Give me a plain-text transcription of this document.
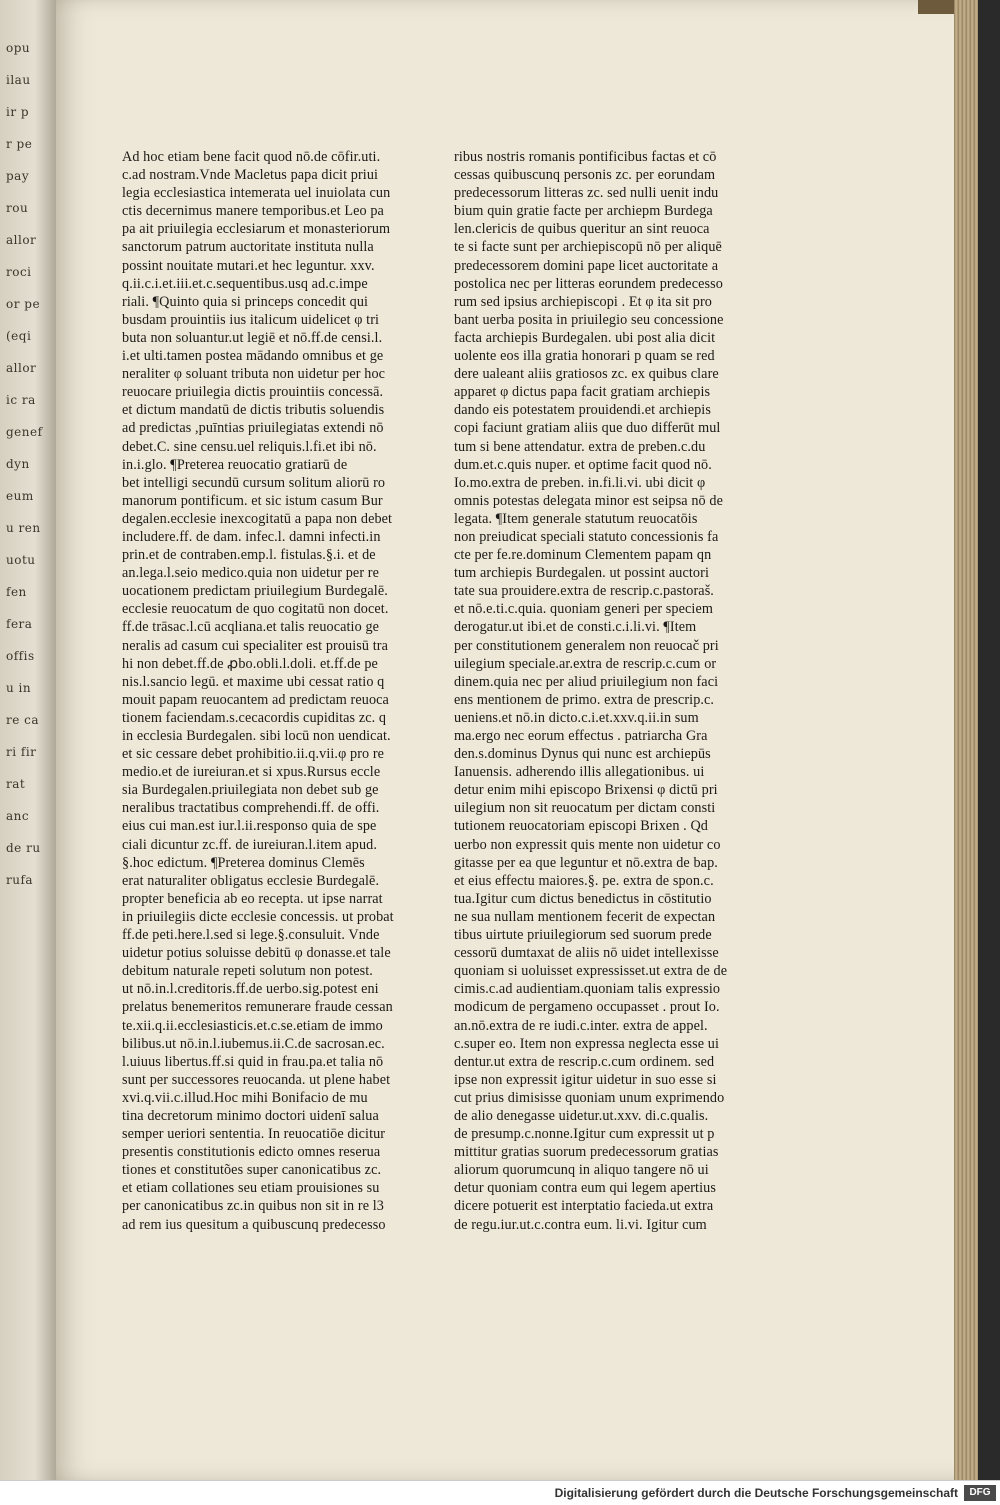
opu
ilau
ir p
r pe
pay
rou
allor
roci
or pe
(eqi
allor
ic ra
genef
dyn
eum
u ren
uotu
fen
fera
offis
u in
re ca
ri fir
rat
anc
de ru
rufa
Ad hoc etiam bene facit quod nō.de cōfir.uti.
c.ad nostram.Vnde Macletus papa dicit priui
legia ecclesiastica intemerata uel inuiolata cun
ctis decernimus manere temporibus.et Leo pa
pa ait priuilegia ecclesiarum et monasteriorum
sanctorum patrum auctoritate instituta nulla
possint nouitate mutari.et hec leguntur. xxv.
q.ii.c.i.et.iii.et.c.sequentibus.usq ad.c.impe
riali. ¶Quinto quia si princeps concedit qui
busdam prouintiis ius italicum uidelicet φ tri
buta non soluantur.ut legiē et nō.ff.de censi.l.
i.et ulti.tamen postea mādando omnibus et ge
neraliter φ soluant tributa non uidetur per hoc
reuocare priuilegia dictis prouintiis concessā.
et dictum mandatū de dictis tributis soluendis
ad predictas ,puīntias priuilegiatas extendi nō
debet.C. sine censu.uel reliquis.l.fi.et ibi nō.
in.i.glo. ¶Preterea reuocatio gratiarū de
bet intelligi secundū cursum solitum aliorū ro
manorum pontificum. et sic istum casum Bur
degalen.ecclesie inexcogitatū a papa non debet
includere.ff. de dam. infec.l. damni infecti.in
prin.et de contraben.emp.l. fistulas.§.i. et de
an.lega.l.seio medico.quia non uidetur per re
uocationem predictam priuilegium Burdegalē.
ecclesie reuocatum de quo cogitatū non docet.
ff.de trāsac.l.cū acqliana.et talis reuocatio ge
neralis ad casum cui specialiter est prouisū tra
hi non debet.ff.de ꝓbo.obli.l.doli. et.ff.de pe
nis.l.sancio legū. et maxime ubi cessat ratio q
mouit papam reuocantem ad predictam reuoca
tionem faciendam.s.cecacordis cupiditas zc. q
in ecclesia Burdegalen. sibi locū non uendicat.
et sic cessare debet prohibitio.ii.q.vii.φ pro re
medio.et de iureiuran.et si xpus.Rursus eccle
sia Burdegalen.priuilegiata non debet sub ge
neralibus tractatibus comprehendi.ff. de offi.
eius cui man.est iur.l.ii.responso quia de spe
ciali dicuntur zc.ff. de iureiuran.l.item apud.
§.hoc edictum. ¶Preterea dominus Clemēs
erat naturaliter obligatus ecclesie Burdegalē.
propter beneficia ab eo recepta. ut ipse narrat
in priuilegiis dicte ecclesie concessis. ut probat
ff.de peti.here.l.sed si lege.§.consuluit. Vnde
uidetur potius soluisse debitū φ donasse.et tale
debitum naturale repeti solutum non potest.
ut nō.in.l.creditoris.ff.de uerbo.sig.potest eni
prelatus benemeritos remunerare fraude cessan
te.xii.q.ii.ecclesiasticis.et.c.se.etiam de immo
bilibus.ut nō.in.l.iubemus.ii.C.de sacrosan.ec.
l.uiuus libertus.ff.si quid in frau.pa.et talia nō
sunt per successores reuocanda. ut plene habet
xvi.q.vii.c.illud.Hoc mihi Bonifacio de mu
tina decretorum minimo doctori uidenī salua
semper ueriori sententia. In reuocatiōe dicitur
presentis constitutionis edicto omnes reserua
tiones et constitutões super canonicatibus zc.
et etiam collationes seu etiam prouisiones su
per canonicatibus zc.in quibus non sit in re l3
ad rem ius quesitum a quibuscunq predecesso
ribus nostris romanis pontificibus factas et cō
cessas quibuscunq personis zc. per eorundam
predecessorum litteras zc. sed nulli uenit indu
bium quin gratie facte per archiepm Burdega
len.clericis de quibus queritur an sint reuoca
te si facte sunt per archiepiscopū nō per aliquē
predecessorem domini pape licet auctoritate a
postolica nec per litteras eorundem predecesso
rum sed ipsius archiepiscopi . Et φ ita sit pro
bant uerba posita in priuilegio seu concessione
facta archiepis Burdegalen. ubi post alia dicit
uolente eos illa gratia honorari p quam se red
dere ualeant aliis gratiosos zc. ex quibus clare
apparet φ dictus papa facit gratiam archiepis
dando eis potestatem prouidendi.et archiepis
copi faciunt gratiam aliis que duo differūt mul
tum si bene attendatur. extra de preben.c.du
dum.et.c.quis nuper. et optime facit quod nō.
Io.mo.extra de preben. in.fi.li.vi. ubi dicit φ
omnis potestas delegata minor est seipsa nō de
legata. ¶Item generale statutum reuocatōis
non preiudicat speciali statuto concessionis fa
cte per fe.re.dominum Clementem papam qn
tum archiepis Burdegalen. ut possint auctori
tate sua prouidere.extra de rescrip.c.pastoraš.
et nō.e.ti.c.quia. quoniam generi per speciem
derogatur.ut ibi.et de consti.c.i.li.vi. ¶Item
per constitutionem generalem non reuocač pri
uilegium speciale.ar.extra de rescrip.c.cum or
dinem.quia nec per aliud priuilegium non faci
ens mentionem de primo. extra de prescrip.c.
ueniens.et nō.in dicto.c.i.et.xxv.q.ii.in sum
ma.ergo nec eorum effectus . patriarcha Gra
den.s.dominus Dynus qui nunc est archiepūs
Ianuensis. adherendo illis allegationibus. ui
detur enim mihi episcopo Brixensi φ dictū pri
uilegium non sit reuocatum per dictam consti
tutionem reuocatoriam episcopi Brixen . Qd
uerbo non expressit quis mente non uidetur co
gitasse per ea que leguntur et nō.extra de bap.
et eius effectu maiores.§. pe. extra de spon.c.
tua.Igitur cum dictus benedictus in cōstitutio
ne sua nullam mentionem fecerit de expectan
tibus uirtute priuilegiorum sed suorum prede
cessorū dumtaxat de aliis nō uidet intellexisse
quoniam si uoluisset expressisset.ut extra de de
cimis.c.ad audientiam.quoniam talis expressio
modicum de pergameno occupasset . prout Io.
an.nō.extra de re iudi.c.inter. extra de appel.
c.super eo. Item non expressa neglecta esse ui
dentur.ut extra de rescrip.c.cum ordinem. sed
ipse non expressit igitur uidetur in suo esse si
cut prius dimisisse quoniam unum exprimendo
de alio denegasse uidetur.ut.xxv. di.c.qualis.
de presump.c.nonne.Igitur cum expressit ut p
mittitur gratias suorum predecessorum gratias
aliorum quorumcunq in aliquo tangere nō ui
detur quoniam contra eum qui legem apertius
dicere potuerit est interptatio facieda.ut extra
de regu.iur.ut.c.contra eum. li.vi. Igitur cum
Digitalisierung gefördert durch die Deutsche Forschungsgemeinschaft	DFG
